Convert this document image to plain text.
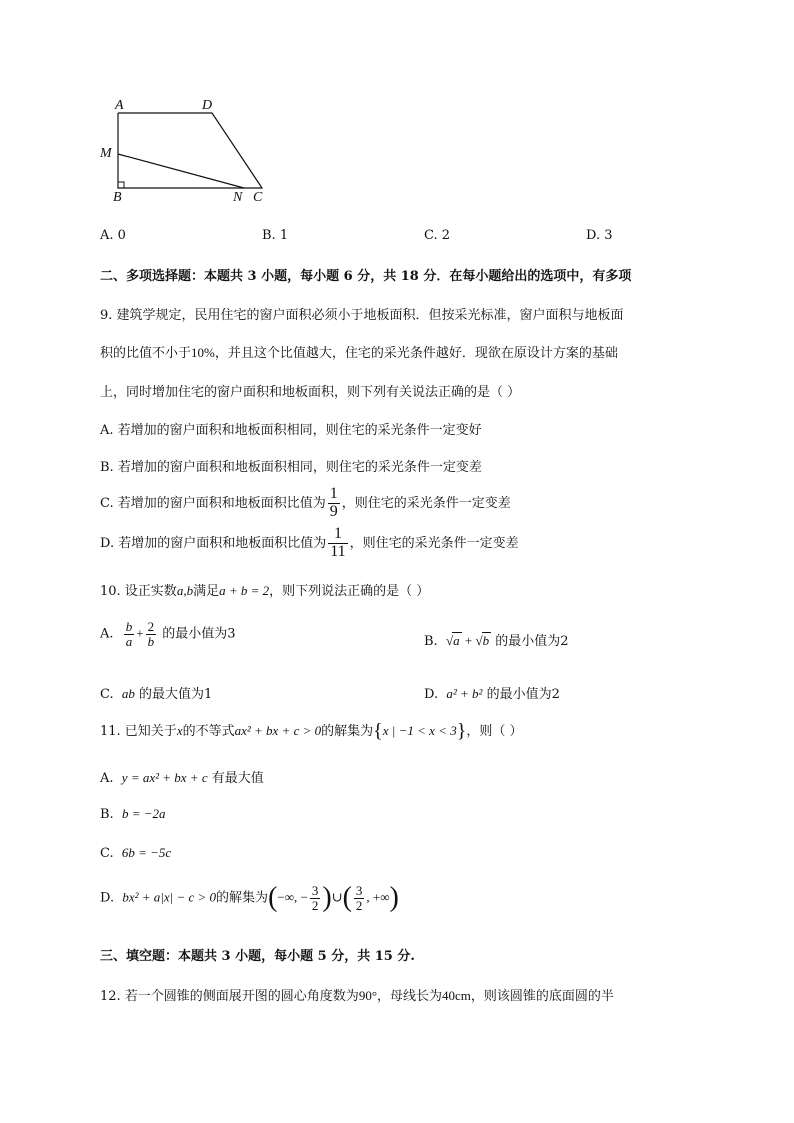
A	D
M
B	N C
A. 0	B. 1	C. 2	D. 3
二、多项选择题：本题共 3 小题，每小题 6 分，共 18 分．在每小题给出的选项中，有多项
9. 建筑学规定，民用住宅的窗户面积必须小于地板面积．但按采光标准，窗户面积与地板面
积的比值不小于10%，并且这个比值越大，住宅的采光条件越好．现欲在原设计方案的基础
上，同时增加住宅的窗户面积和地板面积，则下列有关说法正确的是（ ）
A. 若增加的窗户面积和地板面积相同，则住宅的采光条件一定变好
B. 若增加的窗户面积和地板面积相同，则住宅的采光条件一定变差
C. 若增加的窗户面积和地板面积比值为 $\frac{1}{9}$ ，则住宅的采光条件一定变差
D. 若增加的窗户面积和地板面积比值为 $\frac{1}{11}$ ，则住宅的采光条件一定变差
10. 设正实数a,b满足a + b = 2，则下列说法正确的是（ ）
A. $\frac{b}{a} + \frac{2}{b}$ 的最小值为3	B. √a + √b 的最小值为2
C. ab 的最大值为1	D. a² + b² 的最小值为2
11. 已知关于x的不等式ax² + bx + c > 0的解集为{x | −1 < x < 3}，则（ ）
A. y = ax² + bx + c 有最大值
B. b = −2a
C. 6b = −5c
D. bx² + a|x| − c > 0的解集为(−∞, − $\frac{3}{2}$ )∪( $\frac{3}{2}$ , +∞)
三、填空题：本题共 3 小题，每小题 5 分，共 15 分.
12. 若一个圆锥的侧面展开图的圆心角度数为90°，母线长为40cm，则该圆锥的底面圆的半
